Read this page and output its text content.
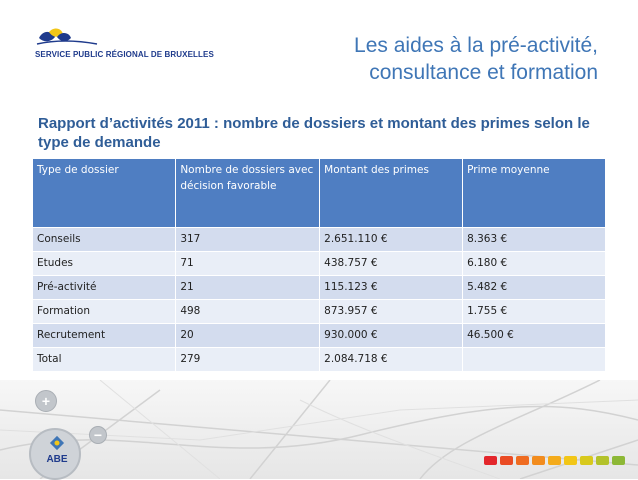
SERVICE PUBLIC RÉGIONAL DE BRUXELLES	Les aides à la pré-activité,
consultance et formation
Rapport d’activités 2011 : nombre de dossiers et montant des primes selon le type de demande
Type de dossier	Nombre de dossiers avec décision favorable	Montant des primes	Prime moyenne
Conseils	317	2.651.110 €	8.363 €
Etudes	71	438.757 €	6.180 €
Pré-activité	21	115.123 €	5.482 €
Formation	498	873.957 €	1.755 €
Recrutement	20	930.000 €	46.500 €
Total	279	2.084.718 €	
+
ABE
−
